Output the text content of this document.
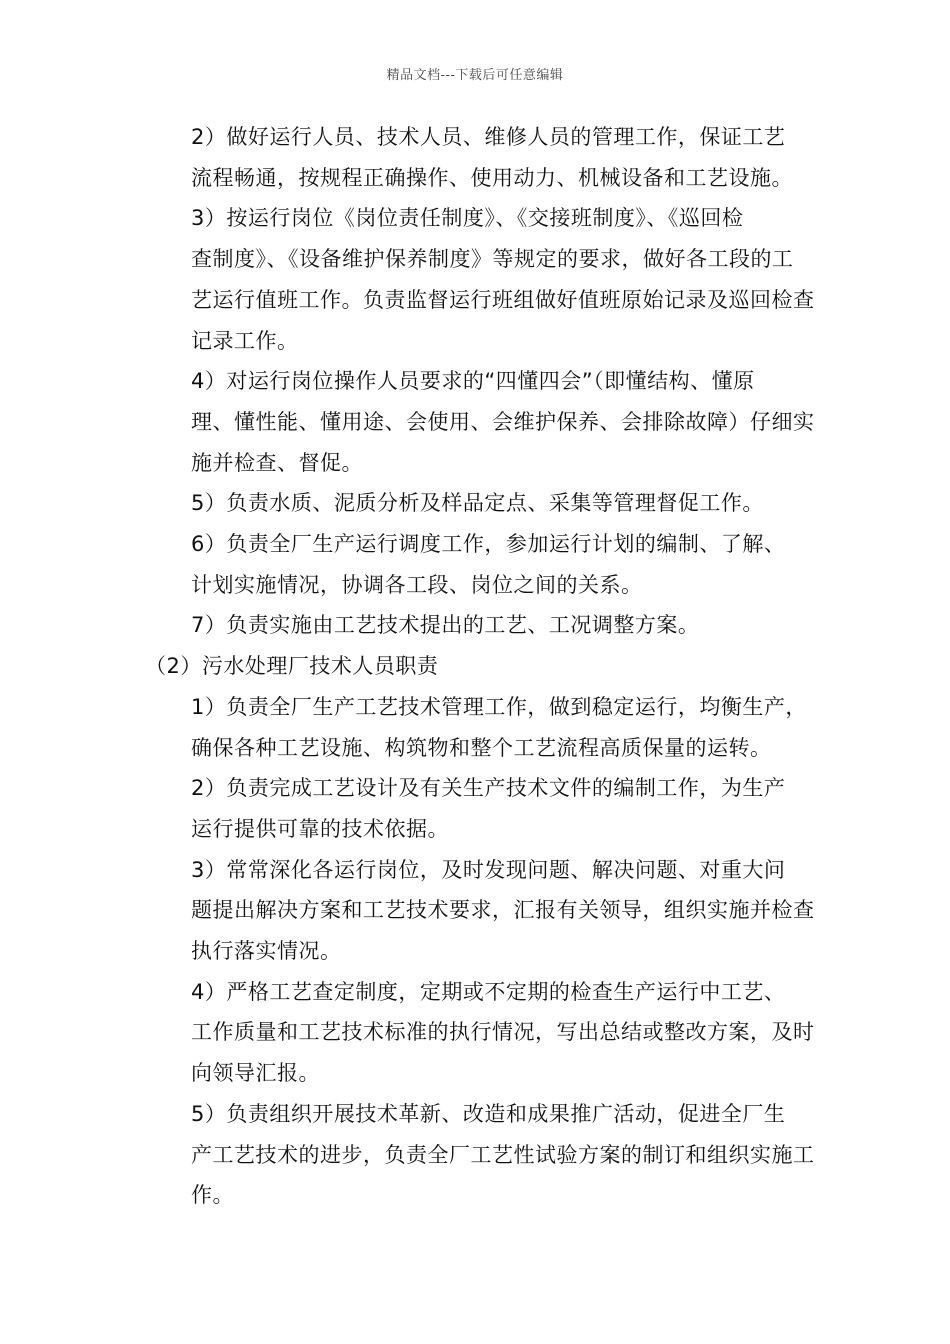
精品文档---下载后可任意编辑

2）做好运行人员、技术人员、维修人员的管理工作，保证工艺
流程畅通，按规程正确操作、使用动力、机械设备和工艺设施。

3）按运行岗位《岗位责任制度》、《交接班制度》、《巡回检
查制度》、《设备维护保养制度》等规定的要求，做好各工段的工
艺运行值班工作。负责监督运行班组做好值班原始记录及巡回检查
记录工作。

4）对运行岗位操作人员要求的“四懂四会”（即懂结构、懂原
理、懂性能、懂用途、会使用、会维护保养、会排除故障）仔细实
施并检查、督促。

5）负责水质、泥质分析及样品定点、采集等管理督促工作。

6）负责全厂生产运行调度工作，参加运行计划的编制、了解、
计划实施情况，协调各工段、岗位之间的关系。

7）负责实施由工艺技术提出的工艺、工况调整方案。

（2）污水处理厂技术人员职责

1）负责全厂生产工艺技术管理工作，做到稳定运行，均衡生产，
确保各种工艺设施、构筑物和整个工艺流程高质保量的运转。

2）负责完成工艺设计及有关生产技术文件的编制工作，为生产
运行提供可靠的技术依据。

3）常常深化各运行岗位，及时发现问题、解决问题、对重大问
题提出解决方案和工艺技术要求，汇报有关领导，组织实施并检查
执行落实情况。

4）严格工艺查定制度，定期或不定期的检查生产运行中工艺、
工作质量和工艺技术标准的执行情况，写出总结或整改方案，及时
向领导汇报。

5）负责组织开展技术革新、改造和成果推广活动，促进全厂生
产工艺技术的进步，负责全厂工艺性试验方案的制订和组织实施工
作。
